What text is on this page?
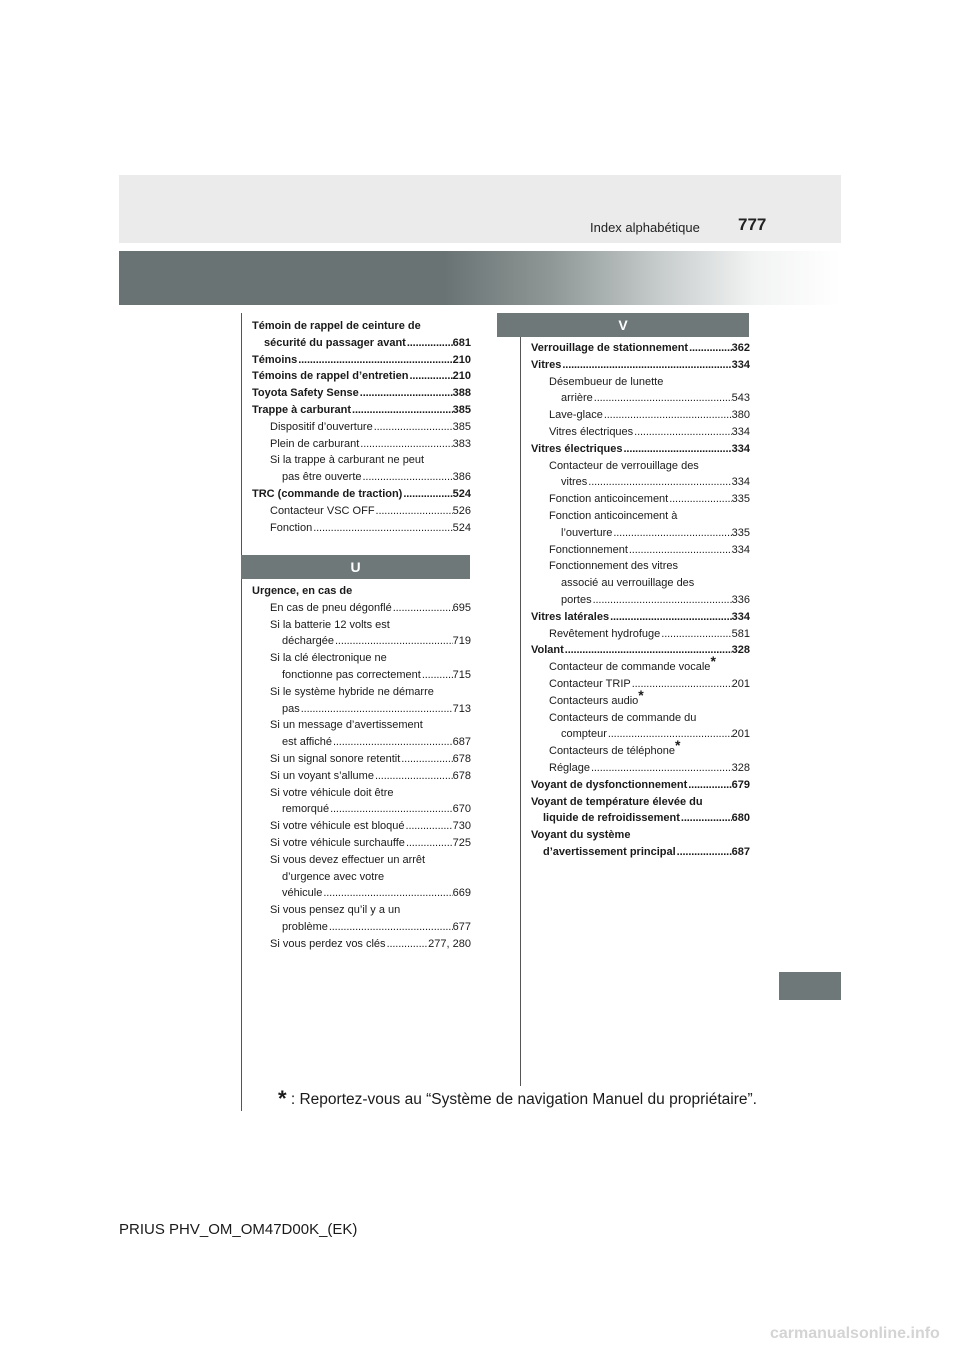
Index alphabétique 777
U
V
Témoin de rappel de ceinture de
sécurité du passager avant . . .	681
Témoins . . .	210
Témoins de rappel d’entretien . . .	210
Toyota Safety Sense . . .	388
Trappe à carburant . . .	385
Dispositif d’ouverture . . .	385
Plein de carburant . . .	383
Si la trappe à carburant ne peut
pas être ouverte . . .	386
TRC (commande de traction) . . .	524
Contacteur VSC OFF . . .	526
Fonction . . .	524
Urgence, en cas de
En cas de pneu dégonflé . . .	695
Si la batterie 12 volts est
déchargée . . .	719
Si la clé électronique ne
fonctionne pas correctement . . .	715
Si le système hybride ne démarre
pas . . .	713
Si un message d’avertissement
est affiché . . .	687
Si un signal sonore retentit . . .	678
Si un voyant s’allume . . .	678
Si votre véhicule doit être
remorqué . . .	670
Si votre véhicule est bloqué . . .	730
Si votre véhicule surchauffe . . .	725
Si vous devez effectuer un arrêt
d’urgence avec votre
véhicule . . .	669
Si vous pensez qu’il y a un
problème . . .	677
Si vous perdez vos clés . . .	277, 280
Verrouillage de stationnement . . .	362
Vitres . . .	334
Désembueur de lunette
arrière . . .	543
Lave-glace . . .	380
Vitres électriques . . .	334
Vitres électriques . . .	334
Contacteur de verrouillage des
vitres . . .	334
Fonction anticoincement . . .	335
Fonction anticoincement à
l’ouverture . . .	335
Fonctionnement . . .	334
Fonctionnement des vitres
associé au verrouillage des
portes . . .	336
Vitres latérales . . .	334
Revêtement hydrofuge . . .	581
Volant . . .	328
Contacteur de commande vocale*
Contacteur TRIP . . .	201
Contacteurs audio*
Contacteurs de commande du
compteur . . .	201
Contacteurs de téléphone*
Réglage . . .	328
Voyant de dysfonctionnement . . .	679
Voyant de température élevée du
liquide de refroidissement . . .	680
Voyant du système
d’avertissement principal . . .	687
* : Reportez-vous au “Système de navigation Manuel du propriétaire”.
PRIUS PHV_OM_OM47D00K_(EK)
carmanualsonline.info
